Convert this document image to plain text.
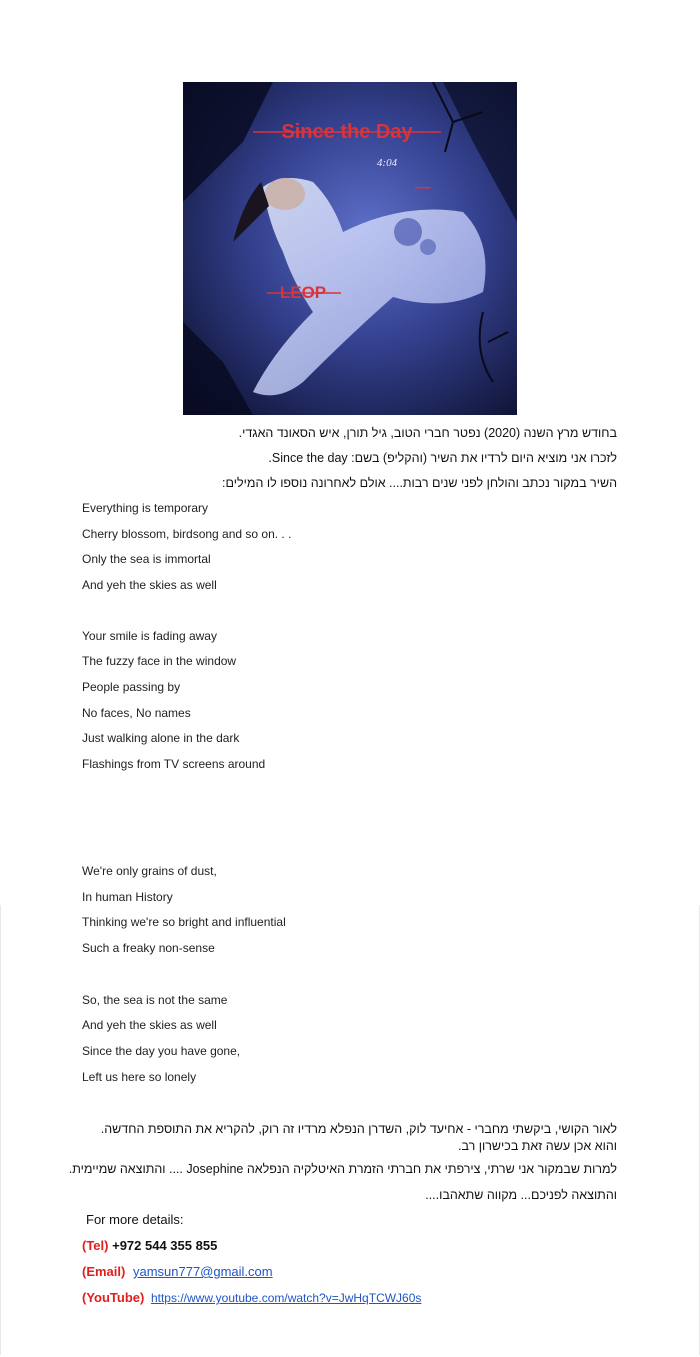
Since the Day
4:04
LEOP
בחודש מרץ השנה (2020) נפטר חברי הטוב, גיל תורן, איש הסאונד האגדי.
לזכרו אני מוציא היום לרדיו את השיר (והקליפ) בשם: Since the day.
השיר במקור נכתב והולחן לפני שנים רבות.... אולם לאחרונה נוספו לו המילים:
Everything is temporary
Cherry blossom, birdsong and so on. . .
Only the sea is immortal
And yeh the skies as well
Your smile is fading away
The fuzzy face in the window
People passing by
No faces, No names
Just walking alone in the dark
Flashings from TV screens around
We're only grains of dust,
In human History
Thinking we're so bright and influential
Such a freaky non-sense
So, the sea is not the same
And yeh the skies as well
Since the day you have gone,
Left us here so lonely
לאור הקושי, ביקשתי מחברי - אחיעד לוק, השדרן הנפלא מרדיו זה רוק, להקריא את התוספת החדשה. והוא אכן עשה זאת בכישרון רב.
למרות שבמקור אני שרתי, צירפתי את חברתי הזמרת האיטלקיה הנפלאה Josephine .... והתוצאה שמיימית.
והתוצאה לפניכם... מקווה שתאהבו....
For more details:
(Tel) +972 544 355 855
(Email) yamsun777@gmail.com
(YouTube) https://www.youtube.com/watch?v=JwHqTCWJ60s
